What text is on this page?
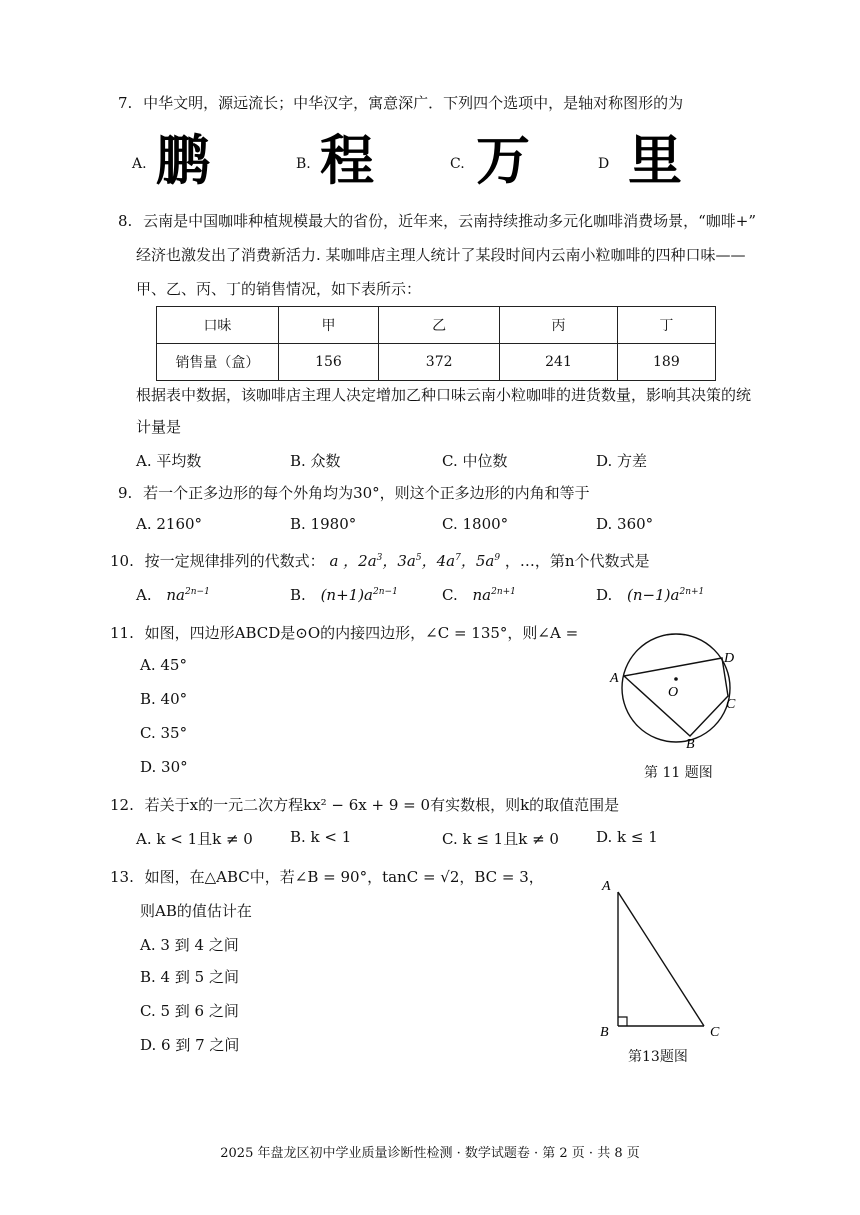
7. 中华文明，源远流长；中华汉字，寓意深广．下列四个选项中，是轴对称图形的为
A. 鹏	B. 程	C. 万	D 里
8. 云南是中国咖啡种植规模最大的省份，近年来，云南持续推动多元化咖啡消费场景，“咖啡+”
经济也激发出了消费新活力. 某咖啡店主理人统计了某段时间内云南小粒咖啡的四种口味——
甲、乙、丙、丁的销售情况，如下表所示：
口味	甲	乙	丙	丁
销售量（盒）	156	372	241	189
根据表中数据，该咖啡店主理人决定增加乙种口味云南小粒咖啡的进货数量，影响其决策的统
计量是
A. 平均数	B. 众数	C. 中位数	D. 方差
9. 若一个正多边形的每个外角均为30°，则这个正多边形的内角和等于
A. 2160°	B. 1980°	C. 1800°	D. 360°
10. 按一定规律排列的代数式： a ，$2a^3$，$3a^5$，$4a^7$，$5a^9$ ，…，第n个代数式是
A. $na^{2n-1}$	B. $(n+1)a^{2n-1}$	C. $na^{2n+1}$	D. $(n-1)a^{2n+1}$
11. 如图，四边形ABCD是⊙O的内接四边形，∠C = 135°，则∠A =
A. 45°
B. 40°
C. 35°
D. 30°
A
D
C
B
O
第 11 题图
12. 若关于x的一元二次方程kx² − 6x + 9 = 0有实数根，则k的取值范围是
A. k < 1且k ≠ 0 B. k < 1	C. k ≤ 1且k ≠ 0 D. k ≤ 1
13. 如图，在△ABC中，若∠B = 90°，tanC = √2，BC = 3，
则AB的值估计在
A. 3 到 4 之间
B. 4 到 5 之间
C. 5 到 6 之间
D. 6 到 7 之间
A
B	C
第13题图
2025 年盘龙区初中学业质量诊断性检测 · 数学试题卷 · 第 2 页 · 共 8 页
